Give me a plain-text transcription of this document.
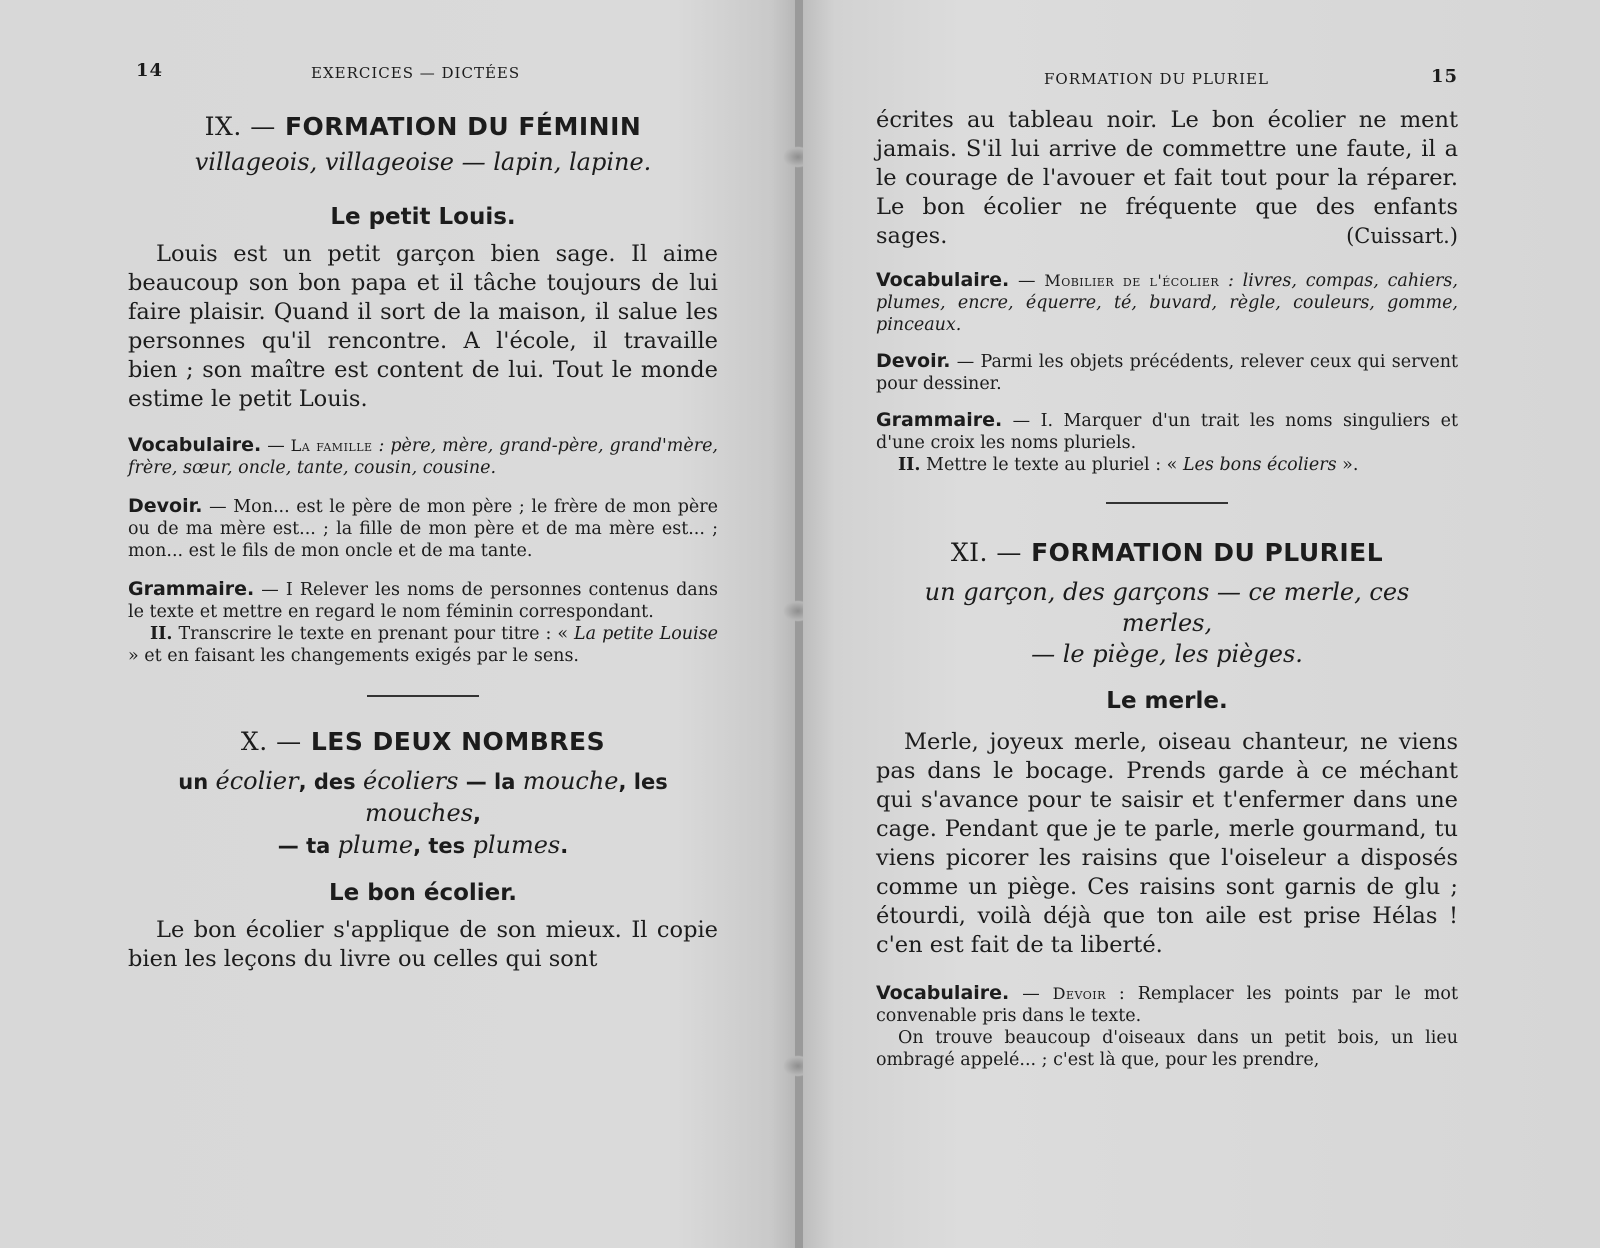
14	EXERCICES — DICTÉES
IX. — FORMATION DU FÉMININ
villageois, villageoise — lapin, lapine.
Le petit Louis.

Louis est un petit garçon bien sage. Il aime beaucoup son bon papa et il tâche toujours de lui faire plaisir. Quand il sort de la maison, il salue les personnes qu'il rencontre. A l'école, il travaille bien ; son maître est content de lui. Tout le monde estime le petit Louis.

Vocabulaire. — La famille : père, mère, grand-père, grand'mère, frère, sœur, oncle, tante, cousin, cousine.

Devoir. — Mon... est le père de mon père ; le frère de mon père ou de ma mère est... ; la fille de mon père et de ma mère est... ; mon... est le fils de mon oncle et de ma tante.

Grammaire. — I Relever les noms de personnes contenus dans le texte et mettre en regard le nom féminin correspondant.

II. Transcrire le texte en prenant pour titre : « La petite Louise » et en faisant les changements exigés par le sens.

X. — LES DEUX NOMBRES
un écolier, des écoliers — la mouche, les mouches,
— ta plume, tes plumes.
Le bon écolier.

Le bon écolier s'applique de son mieux. Il copie bien les leçons du livre ou celles qui sont

FORMATION DU PLURIEL	15

écrites au tableau noir. Le bon écolier ne ment jamais. S'il lui arrive de commettre une faute, il a le courage de l'avouer et fait tout pour la réparer. Le bon écolier ne fréquente que des enfants sages.	(Cuissart.)

Vocabulaire. — Mobilier de l'écolier : livres, compas, cahiers, plumes, encre, équerre, té, buvard, règle, couleurs, gomme, pinceaux.

Devoir. — Parmi les objets précédents, relever ceux qui servent pour dessiner.

Grammaire. — I. Marquer d'un trait les noms singuliers et d'une croix les noms pluriels.

II. Mettre le texte au pluriel : « Les bons écoliers ».

XI. — FORMATION DU PLURIEL
un garçon, des garçons — ce merle, ces merles,
— le piège, les pièges.
Le merle.

Merle, joyeux merle, oiseau chanteur, ne viens pas dans le bocage. Prends garde à ce méchant qui s'avance pour te saisir et t'enfermer dans une cage. Pendant que je te parle, merle gourmand, tu viens picorer les raisins que l'oiseleur a disposés comme un piège. Ces raisins sont garnis de glu ; étourdi, voilà déjà que ton aile est prise Hélas ! c'en est fait de ta liberté.

Vocabulaire. — Devoir : Remplacer les points par le mot convenable pris dans le texte.

On trouve beaucoup d'oiseaux dans un petit bois, un lieu ombragé appelé... ; c'est là que, pour les prendre,
